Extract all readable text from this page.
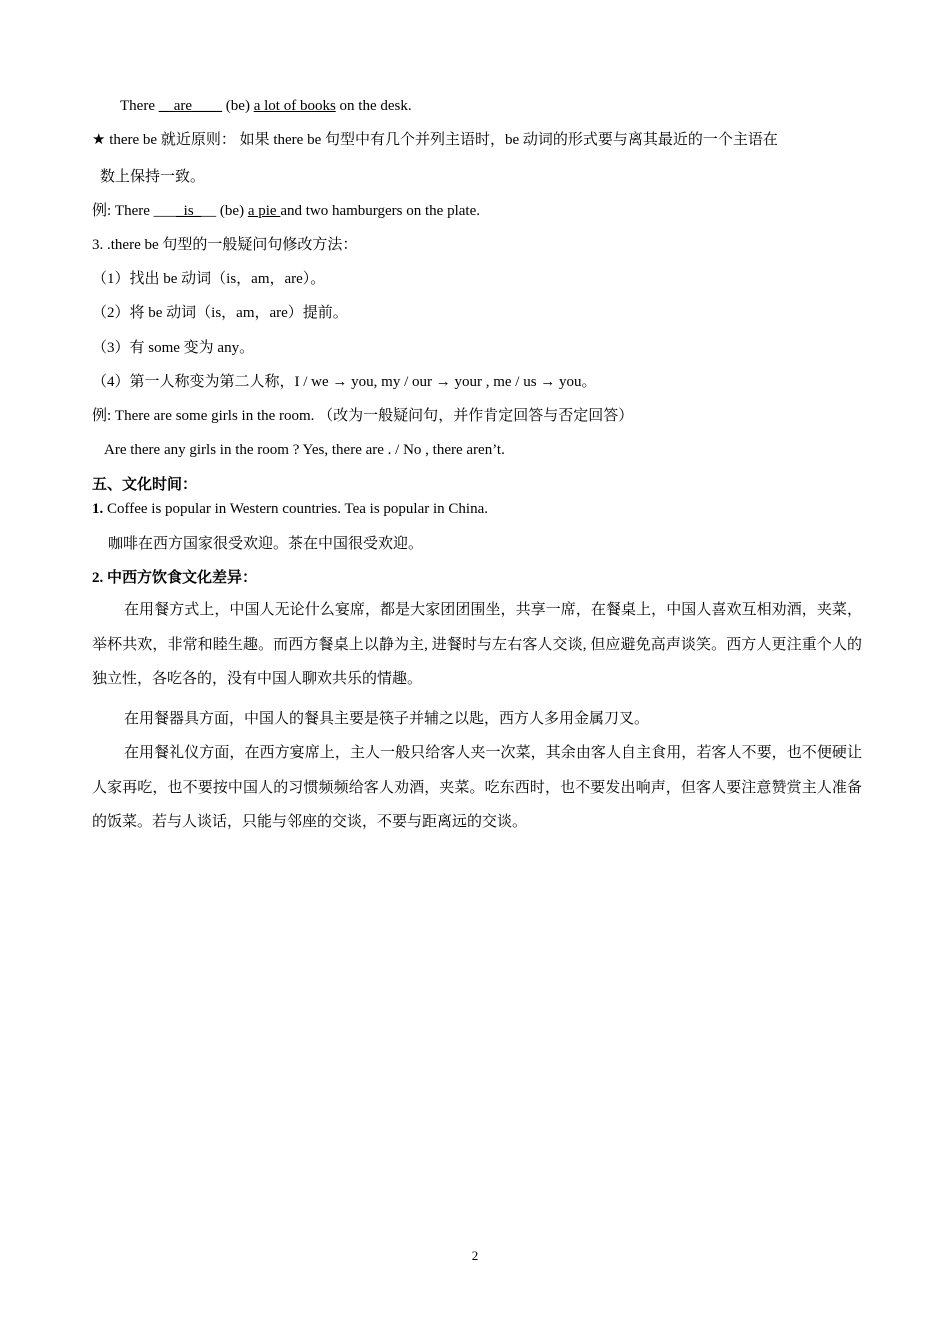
There __are____ (be) a lot of books on the desk.
★ there be 就近原则： 如果 there be 句型中有几个并列主语时，be 动词的形式要与离其最近的一个主语在
数上保持一致。
例: There ____is___ (be) a pie and two hamburgers on the plate.
3. .there be 句型的一般疑问句修改方法：
（1）找出 be 动词（is，am，are）。
（2）将 be 动词（is，am，are）提前。
（3）有 some 变为 any。
（4）第一人称变为第二人称，I / we → you, my / our → your , me / us → you。
例: There are some girls in the room. （改为一般疑问句，并作肯定回答与否定回答）
Are there any girls in the room ? Yes, there are . / No , there aren’t.
五、文化时间：
1. Coffee is popular in Western countries. Tea is popular in China.
咖啡在西方国家很受欢迎。茶在中国很受欢迎。
2. 中西方饮食文化差异：
在用餐方式上，中国人无论什么宴席，都是大家团团围坐，共享一席，在餐桌上，中国人喜欢互相劝酒，夹菜，举杯共欢，非常和睦生趣。而西方餐桌上以静为主, 进餐时与左右客人交谈, 但应避免高声谈笑。西方人更注重个人的独立性，各吃各的，没有中国人聊欢共乐的情趣。
在用餐器具方面，中国人的餐具主要是筷子并辅之以匙，西方人多用金属刀叉。
在用餐礼仪方面，在西方宴席上，主人一般只给客人夹一次菜，其余由客人自主食用，若客人不要，也不便硬让人家再吃，也不要按中国人的习惯频频给客人劝酒，夹菜。吃东西时，也不要发出响声，但客人要注意赞赏主人准备的饭菜。若与人谈话，只能与邻座的交谈，不要与距离远的交谈。
2
